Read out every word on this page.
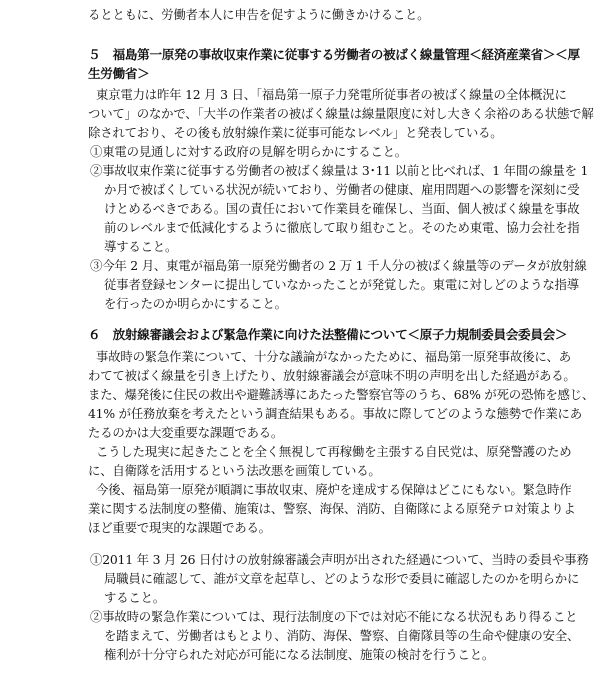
るとともに、労働者本人に申告を促すように働きかけること。
５　福島第一原発の事故収束作業に従事する労働者の被ばく線量管理＜経済産業省＞＜厚
生労働省＞
東京電力は昨年 12 月 3 日、「福島第一原子力発電所従事者の被ばく線量の全体概況に
ついて」のなかで、「大半の作業者の被ばく線量は線量限度に対し大きく余裕のある状態で解
除されており、その後も放射線作業に従事可能なレベル」と発表している。
①東電の見通しに対する政府の見解を明らかにすること。
②事故収束作業に従事する労働者の被ばく線量は 3･11 以前と比べれば、1 年間の線量を 1
か月で被ばくしている状況が続いており、労働者の健康、雇用問題への影響を深刻に受
けとめるべきである。国の責任において作業員を確保し、当面、個人被ばく線量を事故
前のレベルまで低減化するように徹底して取り組むこと。そのため東電、協力会社を指
導すること。
③今年 2 月、東電が福島第一原発労働者の 2 万 1 千人分の被ばく線量等のデータが放射線
従事者登録センターに提出していなかったことが発覚した。東電に対しどのような指導
を行ったのか明らかにすること。
６　放射線審議会および緊急作業に向けた法整備について＜原子力規制委員会委員会＞
事故時の緊急作業について、十分な議論がなかったために、福島第一原発事故後に、あ
わてて被ばく線量を引き上げたり、放射線審議会が意味不明の声明を出した経過がある。
また、爆発後に住民の救出や避難誘導にあたった警察官等のうち、68% が死の恐怖を感じ、
41% が任務放棄を考えたという調査結果もある。事故に際してどのような態勢で作業にあ
たるのかは大変重要な課題である。
こうした現実に起きたことを全く無視して再稼働を主張する自民党は、原発警護のため
に、自衛隊を活用するという法改悪を画策している。
今後、福島第一原発が順調に事故収束、廃炉を達成する保障はどこにもない。緊急時作
業に関する法制度の整備、施策は、警察、海保、消防、自衛隊による原発テロ対策よりよ
ほど重要で現実的な課題である。
①2011 年 3 月 26 日付けの放射線審議会声明が出された経過について、当時の委員や事務
局職員に確認して、誰が文章を起草し、どのような形で委員に確認したのかを明らかに
すること。
②事故時の緊急作業については、現行法制度の下では対応不能になる状況もあり得ること
を踏まえて、労働者はもとより、消防、海保、警察、自衛隊員等の生命や健康の安全、
権利が十分守られた対応が可能になる法制度、施策の検討を行うこと。
